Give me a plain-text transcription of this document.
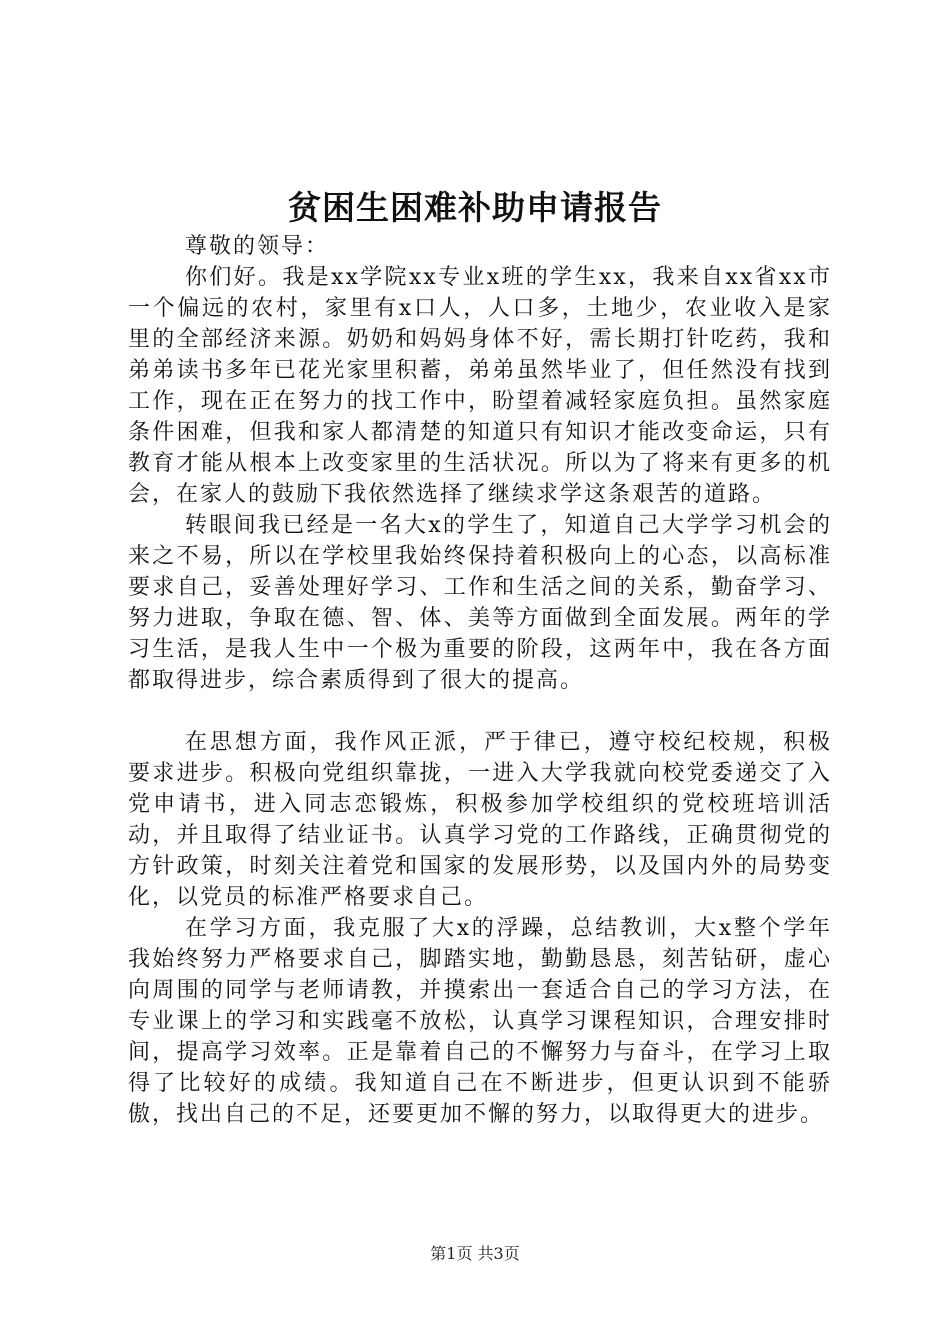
贫困生困难补助申请报告

尊敬的领导：

你们好。我是xx学院xx专业x班的学生xx，我来自xx省xx市一个偏远的农村，家里有x口人，人口多，土地少，农业收入是家里的全部经济来源。奶奶和妈妈身体不好，需长期打针吃药，我和弟弟读书多年已花光家里积蓄，弟弟虽然毕业了，但任然没有找到工作，现在正在努力的找工作中，盼望着减轻家庭负担。虽然家庭条件困难，但我和家人都清楚的知道只有知识才能改变命运，只有教育才能从根本上改变家里的生活状况。所以为了将来有更多的机会，在家人的鼓励下我依然选择了继续求学这条艰苦的道路。

转眼间我已经是一名大x的学生了，知道自己大学学习机会的来之不易，所以在学校里我始终保持着积极向上的心态，以高标准要求自己，妥善处理好学习、工作和生活之间的关系，勤奋学习、努力进取，争取在德、智、体、美等方面做到全面发展。两年的学习生活，是我人生中一个极为重要的阶段，这两年中，我在各方面都取得进步，综合素质得到了很大的提高。

在思想方面，我作风正派，严于律已，遵守校纪校规，积极要求进步。积极向党组织靠拢，一进入大学我就向校党委递交了入党申请书，进入同志恋锻炼，积极参加学校组织的党校班培训活动，并且取得了结业证书。认真学习党的工作路线，正确贯彻党的方针政策，时刻关注着党和国家的发展形势，以及国内外的局势变化，以党员的标准严格要求自己。

在学习方面，我克服了大x的浮躁，总结教训，大x整个学年我始终努力严格要求自己，脚踏实地，勤勤恳恳，刻苦钻研，虚心向周围的同学与老师请教，并摸索出一套适合自己的学习方法，在专业课上的学习和实践毫不放松，认真学习课程知识，合理安排时间，提高学习效率。正是靠着自己的不懈努力与奋斗，在学习上取得了比较好的成绩。我知道自己在不断进步，但更认识到不能骄傲，找出自己的不足，还要更加不懈的努力，以取得更大的进步。

第1页 共3页
